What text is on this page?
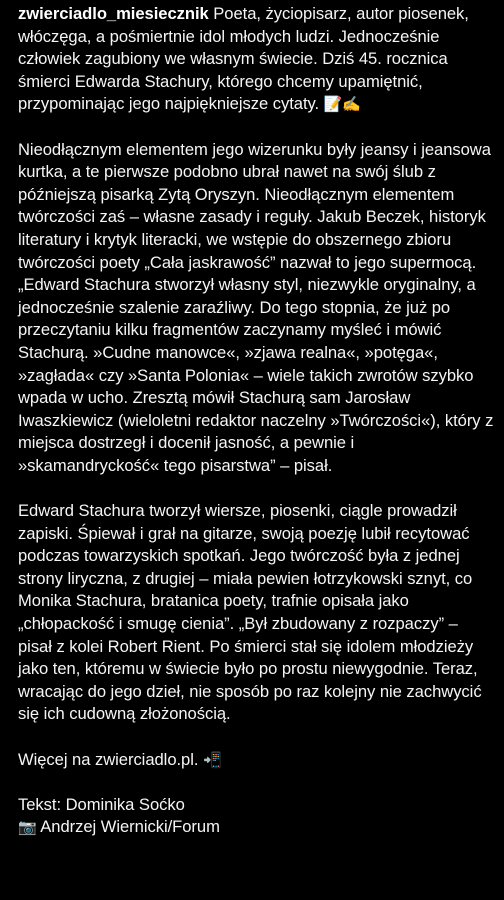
zwierciadlo_miesiecznik Poeta, życiopisarz, autor piosenek, włóczęga, a pośmiertnie idol młodych ludzi. Jednocześnie człowiek zagubiony we własnym świecie. Dziś 45. rocznica śmierci Edwarda Stachury, którego chcemy upamiętnić, przypominając jego najpiękniejsze cytaty. 📝✍️

Nieodłącznym elementem jego wizerunku były jeansy i jeansowa kurtka, a te pierwsze podobno ubrał nawet na swój ślub z późniejszą pisarką Zytą Oryszyn. Nieodłącznym elementem twórczości zaś – własne zasady i reguły. Jakub Beczek, historyk literatury i krytyk literacki, we wstępie do obszernego zbioru twórczości poety „Cała jaskrawość” nazwał to jego supermocą. „Edward Stachura stworzył własny styl, niezwykle oryginalny, a jednocześnie szalenie zaraźliwy. Do tego stopnia, że już po przeczytaniu kilku fragmentów zaczynamy myśleć i mówić Stachurą. »Cudne manowce«, »zjawa realna«, »potęga«, »zagłada« czy »Santa Polonia« – wiele takich zwrotów szybko wpada w ucho. Zresztą mówił Stachurą sam Jarosław Iwaszkiewicz (wieloletni redaktor naczelny »Twórczości«), który z miejsca dostrzegł i docenił jasność, a pewnie i »skamandryckość« tego pisarstwa” – pisał.

Edward Stachura tworzył wiersze, piosenki, ciągle prowadził zapiski. Śpiewał i grał na gitarze, swoją poezję lubił recytować podczas towarzyskich spotkań. Jego twórczość była z jednej strony liryczna, z drugiej – miała pewien łotrzykowski sznyt, co Monika Stachura, bratanica poety, trafnie opisała jako „chłopackość i smugę cienia”. „Był zbudowany z rozpaczy” – pisał z kolei Robert Rient. Po śmierci stał się idolem młodzieży jako ten, któremu w świecie było po prostu niewygodnie. Teraz, wracając do jego dzieł, nie sposób po raz kolejny nie zachwycić się ich cudowną złożonością.

Więcej na zwierciadlo.pl. 📲

Tekst: Dominika Soćko

📷 Andrzej Wiernicki/Forum
